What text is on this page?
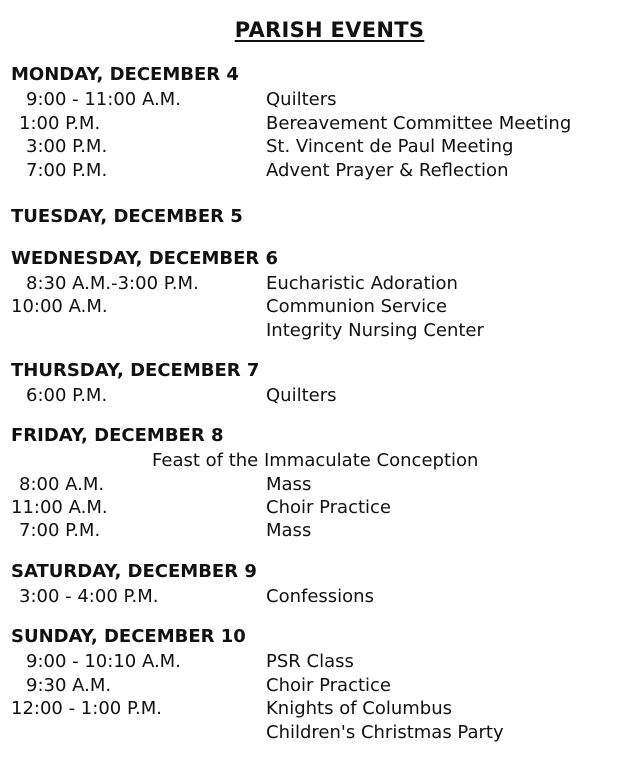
PARISH EVENTS
MONDAY, DECEMBER 4
9:00 - 11:00 A.M.	Quilters
1:00 P.M.	Bereavement Committee Meeting
3:00 P.M.	St. Vincent de Paul Meeting
7:00 P.M.	Advent Prayer & Reflection
TUESDAY, DECEMBER 5
WEDNESDAY, DECEMBER 6
8:30 A.M.-3:00 P.M.	Eucharistic Adoration
10:00 A.M.	Communion Service
Integrity Nursing Center
THURSDAY, DECEMBER 7
6:00 P.M.	Quilters
FRIDAY, DECEMBER 8
Feast of the Immaculate Conception
8:00 A.M.	Mass
11:00 A.M.	Choir Practice
7:00 P.M.	Mass
SATURDAY, DECEMBER 9
3:00 - 4:00 P.M.	Confessions
SUNDAY, DECEMBER 10
9:00 - 10:10 A.M.	PSR Class
9:30 A.M.	Choir Practice
12:00 - 1:00 P.M.	Knights of Columbus
Children's Christmas Party
